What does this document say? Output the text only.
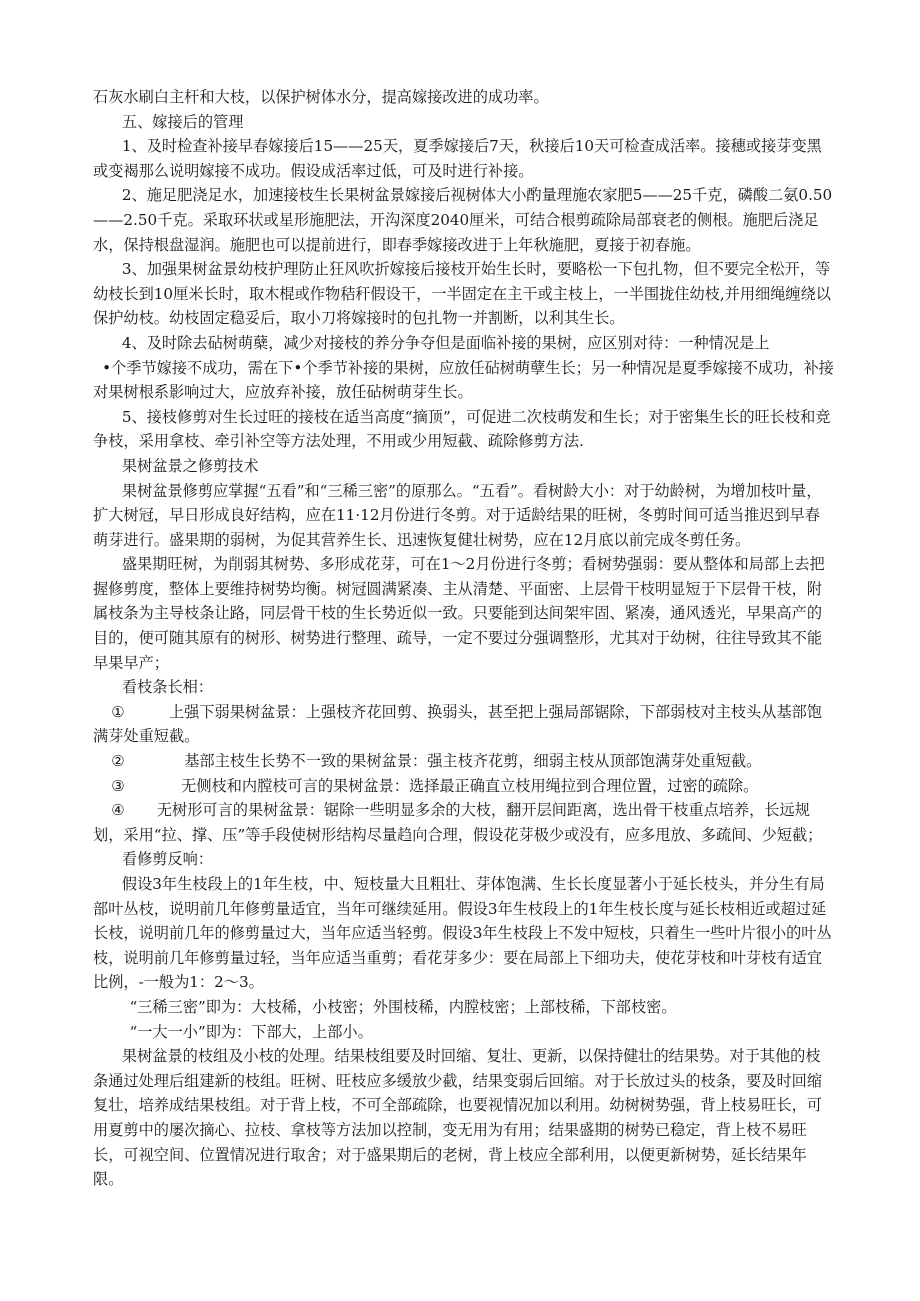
石灰水刷白主杆和大枝，以保护树体水分，提高嫁接改进的成功率。

五、嫁接后的管理

1、及时检查补接早春嫁接后15——25天，夏季嫁接后7天，秋接后10天可检查成活率。接穗或接芽变黑或变褐那么说明嫁接不成功。假设成活率过低，可及时进行补接。

2、施足肥浇足水，加速接枝生长果树盆景嫁接后视树体大小酌量理施农家肥5——25千克，磷酸二氨0.50——2.50千克。采取环状或星形施肥法，开沟深度2040厘米，可结合根剪疏除局部衰老的侧根。施肥后浇足水，保持根盘湿润。施肥也可以提前进行，即春季嫁接改进于上年秋施肥，夏接于初春施。

3、加强果树盆景幼枝护理防止狂风吹折嫁接后接枝开始生长时，要略松一下包扎物，但不要完全松开，等幼枝长到10厘米长时，取木棍或作物秸秆假设干，一半固定在主干或主枝上，一半围拢住幼枝,并用细绳缠绕以保护幼枝。幼枝固定稳妥后，取小刀将嫁接时的包扎物一并割断，以利其生长。

4、及时除去砧树萌蘖，减少对接枝的养分争夺但是面临补接的果树，应区别对待：一种情况是上

•个季节嫁接不成功，需在下•个季节补接的果树，应放任砧树萌孽生长；另一种情况是夏季嫁接不成功，补接对果树根系影响过大，应放弃补接，放任砧树萌芽生长。

5、接枝修剪对生长过旺的接枝在适当高度“摘顶”，可促进二次枝萌发和生长；对于密集生长的旺长枝和竞争枝，采用拿枝、牵引补空等方法处理，不用或少用短截、疏除修剪方法.

果树盆景之修剪技术

果树盆景修剪应掌握“五看”和“三稀三密”的原那么。“五看”。看树龄大小：对于幼龄树，为增加枝叶量，扩大树冠，早日形成良好结构，应在11·12月份进行冬剪。对于适龄结果的旺树，冬剪时间可适当推迟到早春萌芽进行。盛果期的弱树，为促其营养生长、迅速恢复健壮树势，应在12月底以前完成冬剪任务。

盛果期旺树，为削弱其树势、多形成花芽，可在1〜2月份进行冬剪；看树势强弱：要从整体和局部上去把握修剪度，整体上要维持树势均衡。树冠圆满紧凑、主从清楚、平面密、上层骨干枝明显短于下层骨干枝，附属枝条为主导枝条让路，同层骨干枝的生长势近似一致。只要能到达间架牢固、紧凑，通风透光，早果高产的目的，便可随其原有的树形、树势进行整理、疏导，一定不要过分强调整形，尤其对于幼树，往往导致其不能早果早产；

看枝条长相：

①	上强下弱果树盆景：上强枝齐花回剪、换弱头，甚至把上强局部锯除，下部弱枝对主枝头从基部饱满芽处重短截。

②	基部主枝生长势不一致的果树盆景：强主枝齐花剪，细弱主枝从顶部饱满芽处重短截。

③	无侧枝和内膛枝可言的果树盆景：选择最正确直立枝用绳拉到合理位置，过密的疏除。

④ 无树形可言的果树盆景：锯除一些明显多余的大枝，翻开层间距离，选出骨干枝重点培养，长远规划，采用“拉、撑、压”等手段使树形结构尽量趋向合理，假设花芽极少或没有，应多甩放、多疏间、少短截；

看修剪反响：

假设3年生枝段上的1年生枝，中、短枝量大且粗壮、芽体饱满、生长长度显著小于延长枝头，并分生有局部叶丛枝，说明前几年修剪量适宜，当年可继续延用。假设3年生枝段上的1年生枝长度与延长枝相近或超过延长枝，说明前几年的修剪量过大，当年应适当轻剪。假设3年生枝段上不发中短枝，只着生一些叶片很小的叶丛枝，说明前几年修剪量过轻，当年应适当重剪；看花芽多少：要在局部上下细功夫，使花芽枝和叶芽枝有适宜比例，-一般为1：2〜3。

“三稀三密”即为：大枝稀，小枝密；外围枝稀，内膛枝密；上部枝稀，下部枝密。

“一大一小”即为：下部大，上部小。

果树盆景的枝组及小枝的处理。结果枝组要及时回缩、复壮、更新，以保持健壮的结果势。对于其他的枝条通过处理后组建新的枝组。旺树、旺枝应多缓放少截，结果变弱后回缩。对于长放过头的枝条，要及时回缩复壮，培养成结果枝组。对于背上枝，不可全部疏除，也要视情况加以利用。幼树树势强，背上枝易旺长，可用夏剪中的屡次摘心、拉枝、拿枝等方法加以控制，变无用为有用；结果盛期的树势已稳定，背上枝不易旺长，可视空间、位置情况进行取舍；对于盛果期后的老树，背上枝应全部利用，以便更新树势，延长结果年限。
